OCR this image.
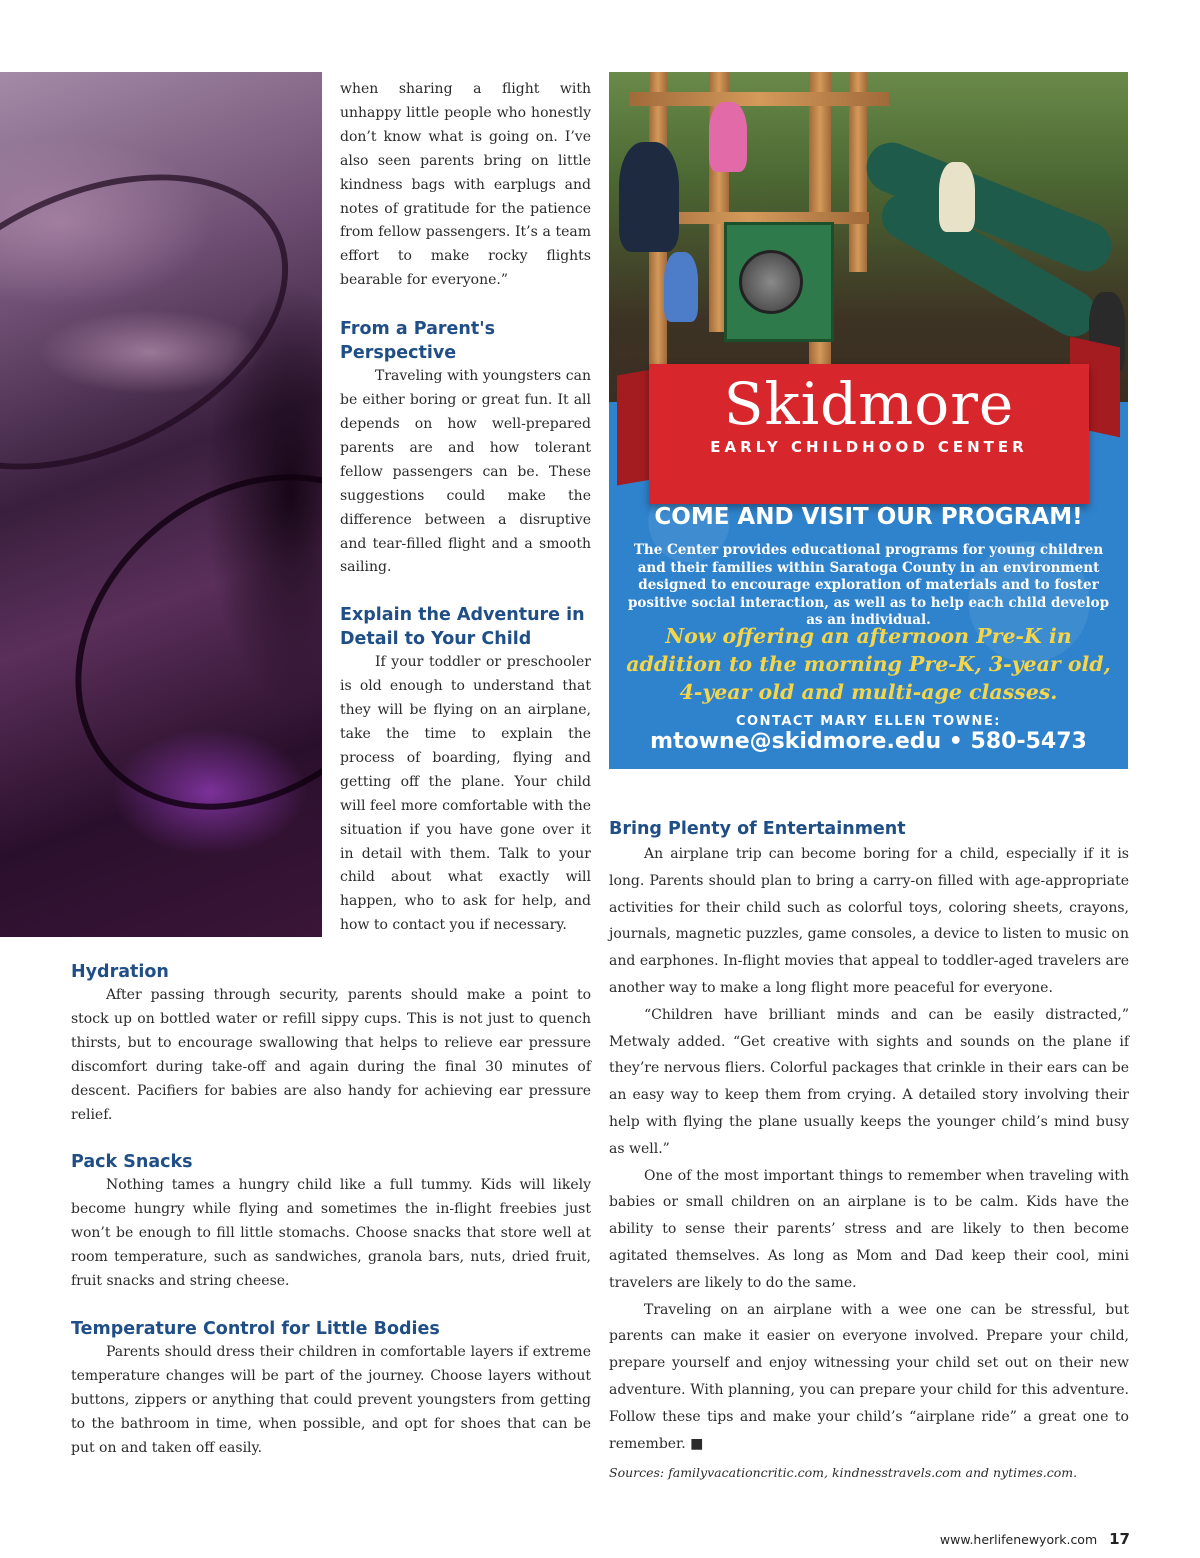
when sharing a flight with unhappy little people who honestly don’t know what is going on. I’ve also seen parents bring on little kindness bags with earplugs and notes of gratitude for the patience from fellow passengers. It’s a team effort to make rocky flights bearable for everyone.”

From a Parent's Perspective

Traveling with youngsters can be either boring or great fun. It all depends on how well-prepared parents are and how tolerant fellow passengers can be. These suggestions could make the difference between a disruptive and tear-filled flight and a smooth sailing.

Explain the Adventure in Detail to Your Child

If your toddler or preschooler is old enough to understand that they will be flying on an airplane, take the time to explain the process of boarding, flying and getting off the plane. Your child will feel more comfortable with the situation if you have gone over it in detail with them. Talk to your child about what exactly will happen, who to ask for help, and how to contact you if necessary.

Skidmore
EARLY CHILDHOOD CENTER
COME AND VISIT OUR PROGRAM!
The Center provides educational programs for young children and their families within Saratoga County in an environment designed to encourage exploration of materials and to foster positive social interaction, as well as to help each child develop as an individual.
Now offering an afternoon Pre-K in addition to the morning Pre-K, 3-year old, 4-year old and multi-age classes.
CONTACT MARY ELLEN TOWNE:
mtowne@skidmore.edu • 580-5473
Hydration

After passing through security, parents should make a point to stock up on bottled water or refill sippy cups. This is not just to quench thirsts, but to encourage swallowing that helps to relieve ear pressure discomfort during take-off and again during the final 30 minutes of descent. Pacifiers for babies are also handy for achieving ear pressure relief.

Pack Snacks

Nothing tames a hungry child like a full tummy. Kids will likely become hungry while flying and sometimes the in-flight freebies just won’t be enough to fill little stomachs. Choose snacks that store well at room temperature, such as sandwiches, granola bars, nuts, dried fruit, fruit snacks and string cheese.

Temperature Control for Little Bodies

Parents should dress their children in comfortable layers if extreme temperature changes will be part of the journey. Choose layers without buttons, zippers or anything that could prevent youngsters from getting to the bathroom in time, when possible, and opt for shoes that can be put on and taken off easily.

Bring Plenty of Entertainment

An airplane trip can become boring for a child, especially if it is long. Parents should plan to bring a carry-on filled with age-appropriate activities for their child such as colorful toys, coloring sheets, crayons, journals, magnetic puzzles, game consoles, a device to listen to music on and earphones. In-flight movies that appeal to toddler-aged travelers are another way to make a long flight more peaceful for everyone.

“Children have brilliant minds and can be easily distracted,” Metwaly added. “Get creative with sights and sounds on the plane if they’re nervous fliers. Colorful packages that crinkle in their ears can be an easy way to keep them from crying. A detailed story involving their help with flying the plane usually keeps the younger child’s mind busy as well.”

One of the most important things to remember when traveling with babies or small children on an airplane is to be calm. Kids have the ability to sense their parents’ stress and are likely to then become agitated themselves. As long as Mom and Dad keep their cool, mini travelers are likely to do the same.

Traveling on an airplane with a wee one can be stressful, but parents can make it easier on everyone involved. Prepare your child, prepare yourself and enjoy witnessing your child set out on their new adventure. With planning, you can prepare your child for this adventure. Follow these tips and make your child’s “airplane ride” a great one to remember. ■

Sources: familyvacationcritic.com, kindnesstravels.com and nytimes.com.
www.herlifenewyork.com 17
